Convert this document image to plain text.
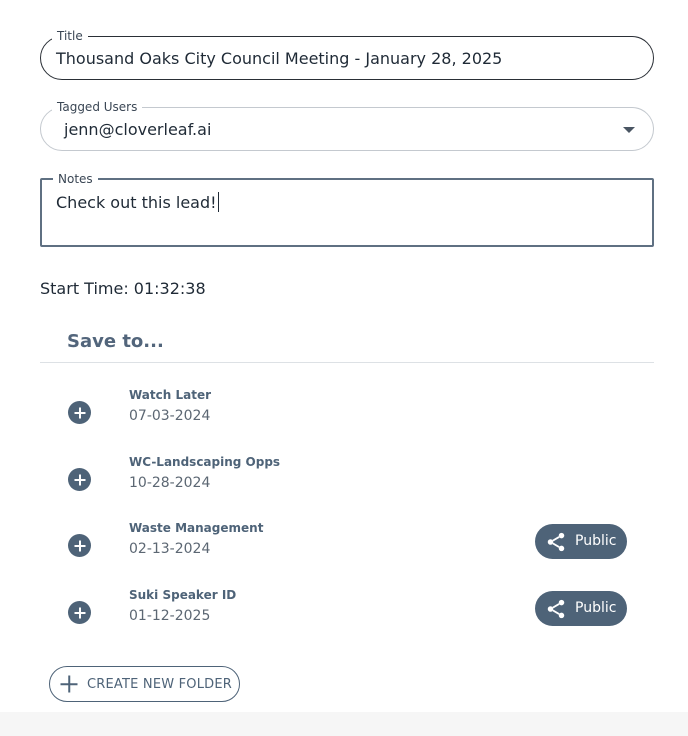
Title
Thousand Oaks City Council Meeting - January 28, 2025
Tagged Users
jenn@cloverleaf.ai
Notes
Check out this lead!
Start Time: 01:32:38
Save to...
Watch Later
07-03-2024
WC-Landscaping Opps
10-28-2024
Waste Management
02-13-2024	Public
Suki Speaker ID
01-12-2025	Public
CREATE NEW FOLDER
